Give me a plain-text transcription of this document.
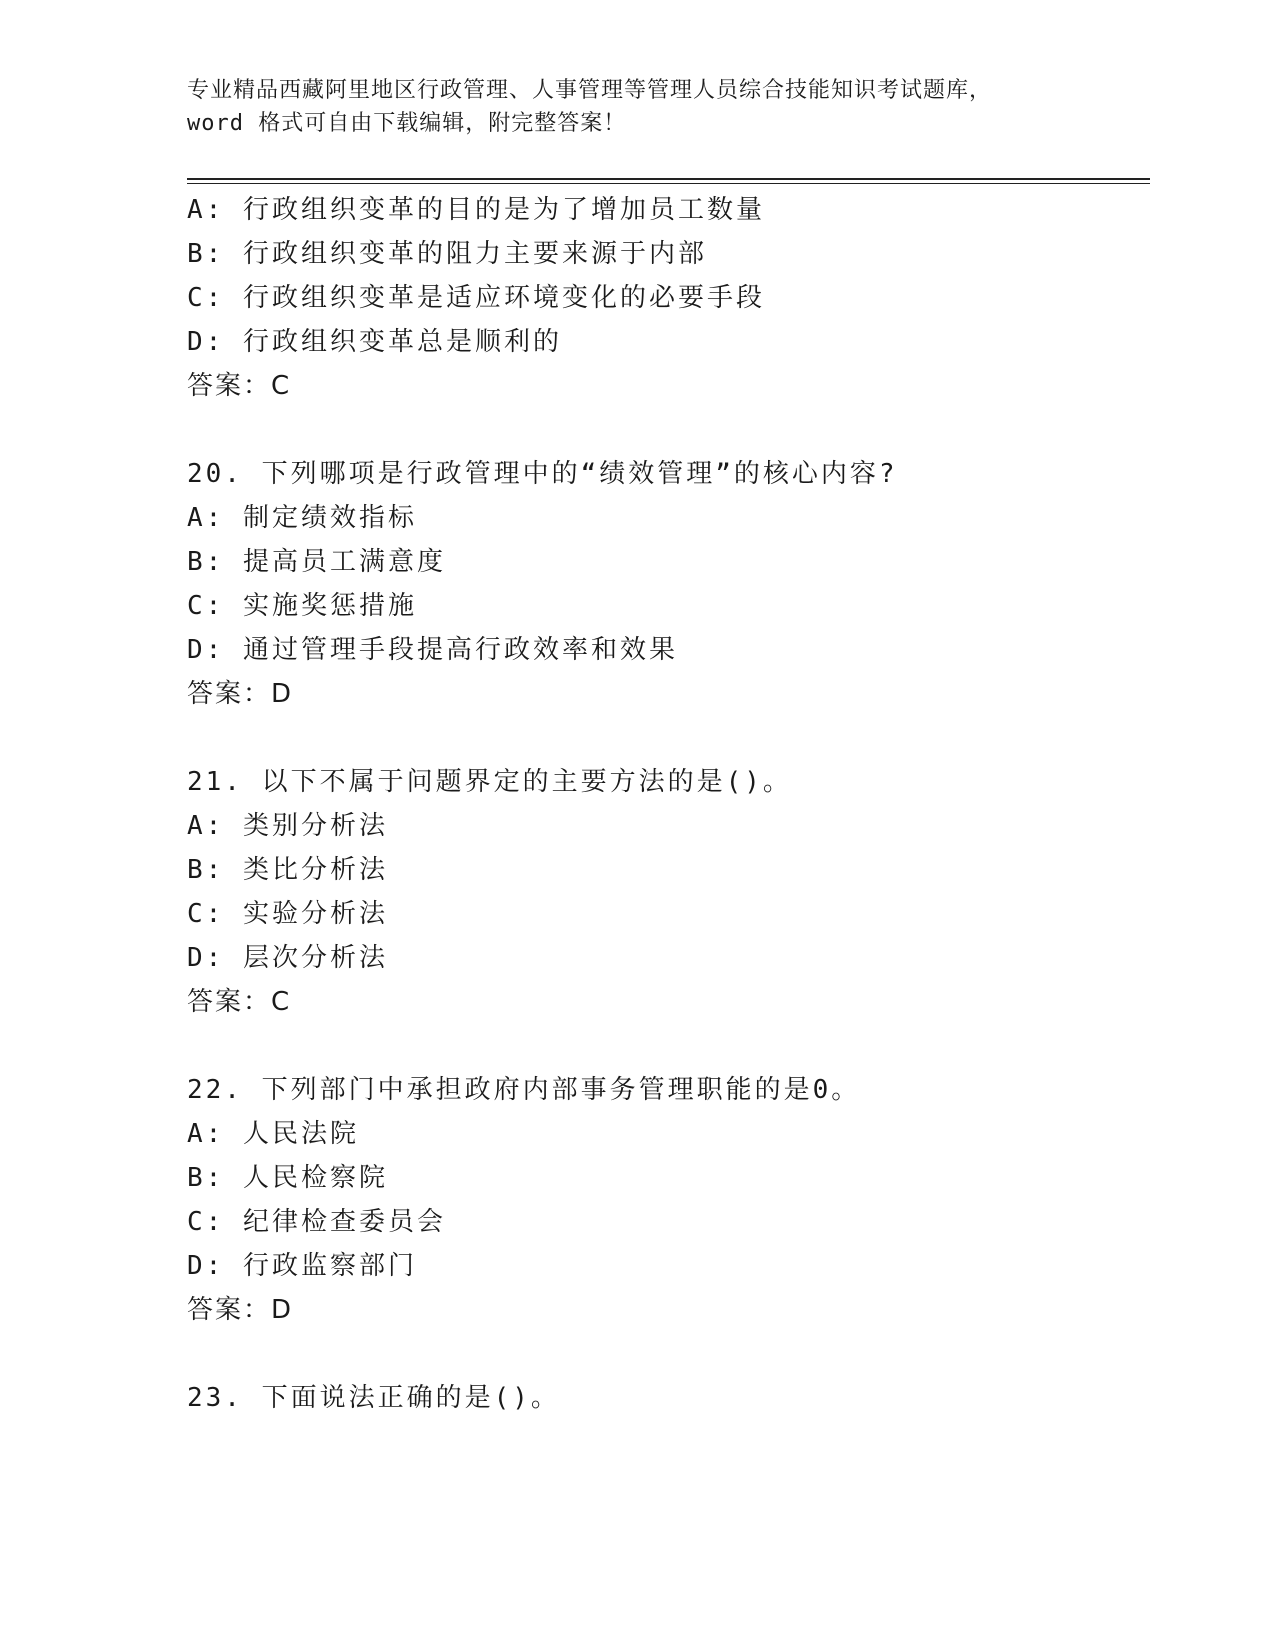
专业精品西藏阿里地区行政管理、人事管理等管理人员综合技能知识考试题库，
word 格式可自由下载编辑，附完整答案！
A: 行政组织变革的目的是为了增加员工数量
B: 行政组织变革的阻力主要来源于内部
C: 行政组织变革是适应环境变化的必要手段
D: 行政组织变革总是顺利的
答案：C
20. 下列哪项是行政管理中的“绩效管理”的核心内容?
A: 制定绩效指标
B: 提高员工满意度
C: 实施奖惩措施
D: 通过管理手段提高行政效率和效果
答案：D
21. 以下不属于问题界定的主要方法的是()。
A: 类别分析法
B: 类比分析法
C: 实验分析法
D: 层次分析法
答案：C
22. 下列部门中承担政府内部事务管理职能的是0。
A: 人民法院
B: 人民检察院
C: 纪律检查委员会
D: 行政监察部门
答案：D
23. 下面说法正确的是()。
